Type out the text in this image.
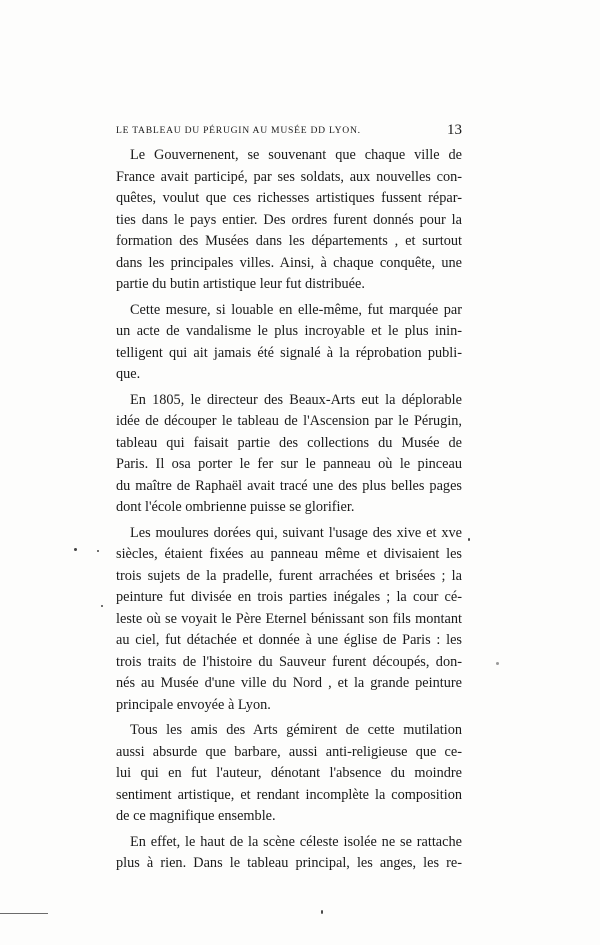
LE TABLEAU DU PÉRUGIN AU MUSÉE DD LYON.	13
Le Gouvernenent, se souvenant que chaque ville de
France avait participé, par ses soldats, aux nouvelles con-
quêtes, voulut que ces richesses artistiques fussent répar-
ties dans le pays entier. Des ordres furent donnés pour la
formation des Musées dans les départements , et surtout
dans les principales villes. Ainsi, à chaque conquête, une
partie du butin artistique leur fut distribuée.
Cette mesure, si louable en elle-même, fut marquée par
un acte de vandalisme le plus incroyable et le plus inin-
telligent qui ait jamais été signalé à la réprobation publi-
que.
En 1805, le directeur des Beaux-Arts eut la déplorable
idée de découper le tableau de l'Ascension par le Pérugin,
tableau qui faisait partie des collections du Musée de
Paris. Il osa porter le fer sur le panneau où le pinceau
du maître de Raphaël avait tracé une des plus belles pages
dont l'école ombrienne puisse se glorifier.
Les moulures dorées qui, suivant l'usage des xive et xve
siècles, étaient fixées au panneau même et divisaient les
trois sujets de la pradelle, furent arrachées et brisées ; la
peinture fut divisée en trois parties inégales ; la cour cé-
leste où se voyait le Père Eternel bénissant son fils montant
au ciel, fut détachée et donnée à une église de Paris : les
trois traits de l'histoire du Sauveur furent découpés, don-
nés au Musée d'une ville du Nord , et la grande peinture
principale envoyée à Lyon.
Tous les amis des Arts gémirent de cette mutilation
aussi absurde que barbare, aussi anti-religieuse que ce-
lui qui en fut l'auteur, dénotant l'absence du moindre
sentiment artistique, et rendant incomplète la composition
de ce magnifique ensemble.
En effet, le haut de la scène céleste isolée ne se rattache
plus à rien. Dans le tableau principal, les anges, les re-
